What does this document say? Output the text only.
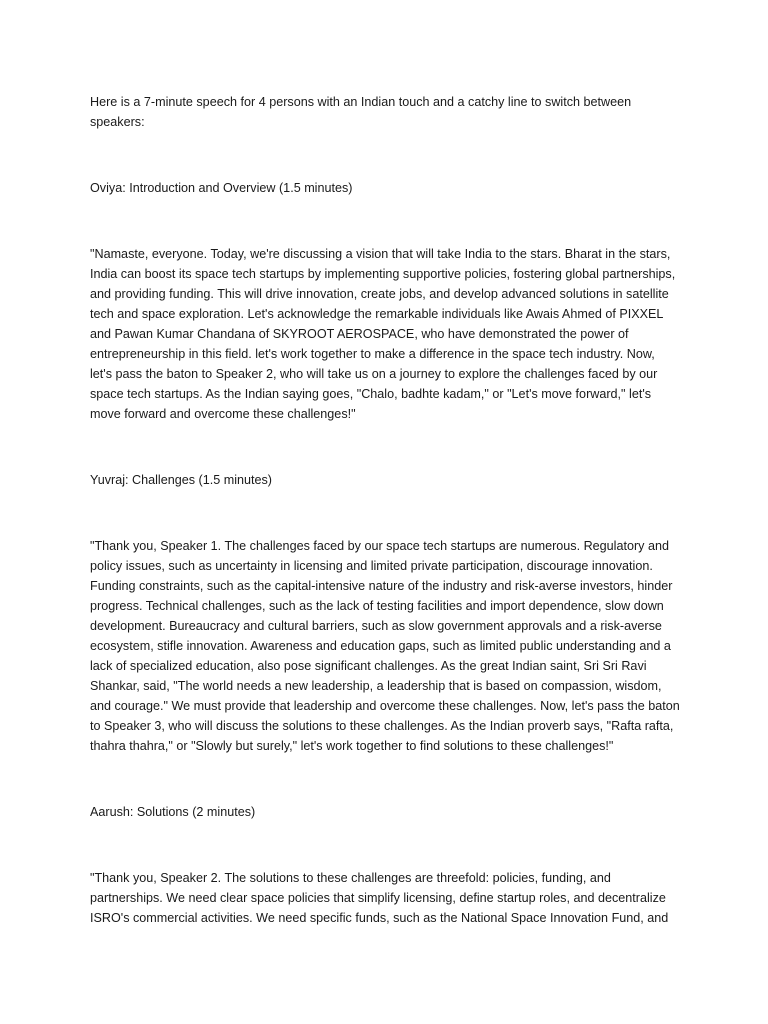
Here is a 7-minute speech for 4 persons with an Indian touch and a catchy line to switch between speakers:

Oviya: Introduction and Overview (1.5 minutes)

"Namaste, everyone. Today, we're discussing a vision that will take India to the stars. Bharat in the stars, India can boost its space tech startups by implementing supportive policies, fostering global partnerships, and providing funding. This will drive innovation, create jobs, and develop advanced solutions in satellite tech and space exploration. Let's acknowledge the remarkable individuals like Awais Ahmed of PIXXEL and Pawan Kumar Chandana of SKYROOT AEROSPACE, who have demonstrated the power of entrepreneurship in this field. let's work together to make a difference in the space tech industry. Now, let's pass the baton to Speaker 2, who will take us on a journey to explore the challenges faced by our space tech startups. As the Indian saying goes, "Chalo, badhte kadam," or "Let's move forward," let's move forward and overcome these challenges!"

Yuvraj: Challenges (1.5 minutes)

"Thank you, Speaker 1. The challenges faced by our space tech startups are numerous. Regulatory and policy issues, such as uncertainty in licensing and limited private participation, discourage innovation. Funding constraints, such as the capital-intensive nature of the industry and risk-averse investors, hinder progress. Technical challenges, such as the lack of testing facilities and import dependence, slow down development. Bureaucracy and cultural barriers, such as slow government approvals and a risk-averse ecosystem, stifle innovation. Awareness and education gaps, such as limited public understanding and a lack of specialized education, also pose significant challenges. As the great Indian saint, Sri Sri Ravi Shankar, said, "The world needs a new leadership, a leadership that is based on compassion, wisdom, and courage." We must provide that leadership and overcome these challenges. Now, let's pass the baton to Speaker 3, who will discuss the solutions to these challenges. As the Indian proverb says, "Rafta rafta, thahra thahra," or "Slowly but surely," let's work together to find solutions to these challenges!"

Aarush: Solutions (2 minutes)

"Thank you, Speaker 2. The solutions to these challenges are threefold: policies, funding, and partnerships. We need clear space policies that simplify licensing, define startup roles, and decentralize ISRO's commercial activities. We need specific funds, such as the National Space Innovation Fund, and
